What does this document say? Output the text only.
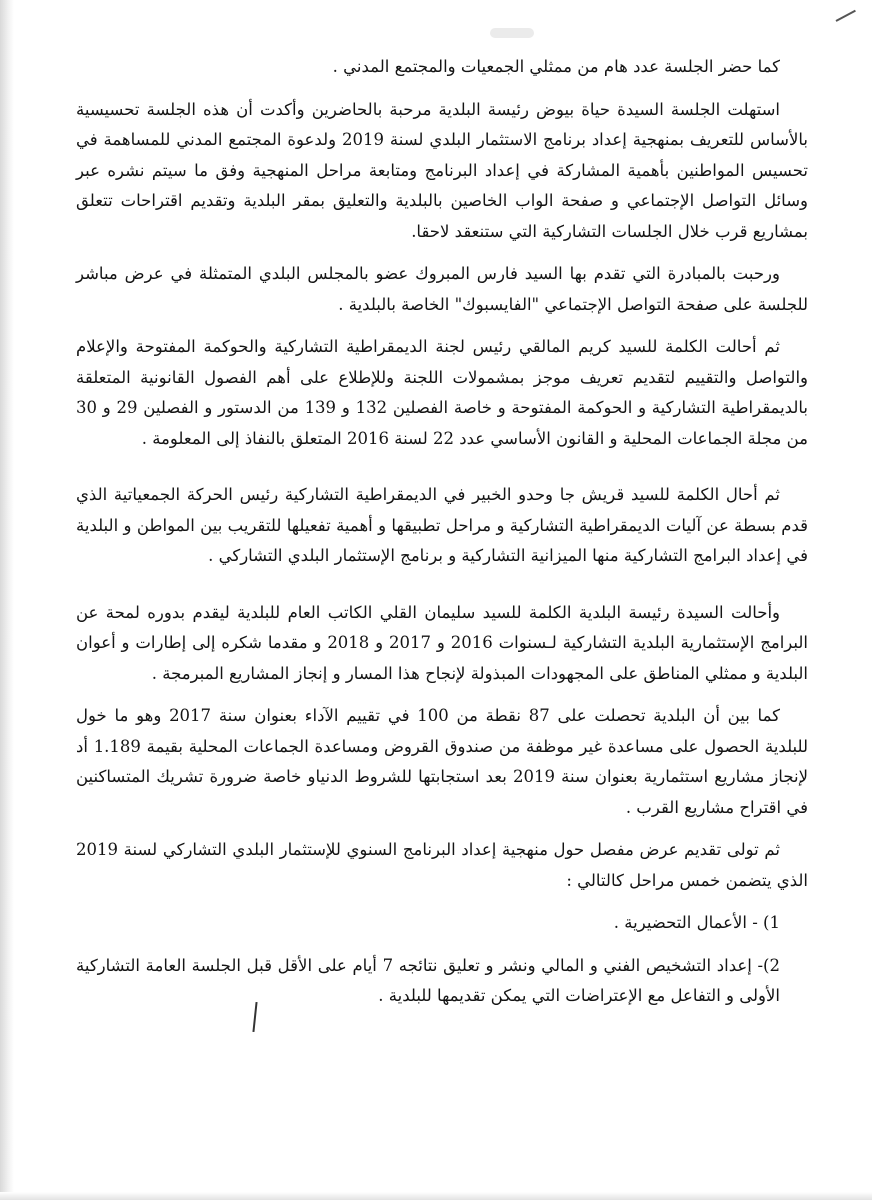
كما حضر الجلسة عدد هام من ممثلي الجمعيات والمجتمع المدني .

استهلت الجلسة السيدة حياة بيوض رئيسة البلدية مرحبة بالحاضرين وأكدت أن هذه الجلسة تحسيسية بالأساس للتعريف بمنهجية إعداد برنامج الاستثمار البلدي لسنة 2019 ولدعوة المجتمع المدني للمساهمة في تحسيس المواطنين بأهمية المشاركة في إعداد البرنامج ومتابعة مراحل المنهجية وفق ما سيتم نشره عبر وسائل التواصل الإجتماعي و صفحة الواب الخاصين بالبلدية والتعليق بمقر البلدية وتقديم اقتراحات تتعلق بمشاريع قرب خلال الجلسات التشاركية التي ستنعقد لاحقا.

ورحبت بالمبادرة التي تقدم بها السيد فارس المبروك عضو بالمجلس البلدي المتمثلة في عرض مباشر للجلسة على صفحة التواصل الإجتماعي "الفايسبوك" الخاصة بالبلدية .

ثم أحالت الكلمة للسيد كريم المالقي رئيس لجنة الديمقراطية التشاركية والحوكمة المفتوحة والإعلام والتواصل والتقييم لتقديم تعريف موجز بمشمولات اللجنة وللإطلاع على أهم الفصول القانونية المتعلقة بالديمقراطية التشاركية و الحوكمة المفتوحة و خاصة الفصلين 132 و 139 من الدستور و الفصلين 29 و 30 من مجلة الجماعات المحلية و القانون الأساسي عدد 22 لسنة 2016 المتعلق بالنفاذ إلى المعلومة .

ثم أحال الكلمة للسيد قريش جا وحدو الخبير في الديمقراطية التشاركية رئيس الحركة الجمعياتية الذي قدم بسطة عن آليات الديمقراطية التشاركية و مراحل تطبيقها و أهمية تفعيلها للتقريب بين المواطن و البلدية في إعداد البرامج التشاركية منها الميزانية التشاركية و برنامج الإستثمار البلدي التشاركي .

وأحالت السيدة رئيسة البلدية الكلمة للسيد سليمان القلي الكاتب العام للبلدية ليقدم بدوره لمحة عن البرامج الإستثمارية البلدية التشاركية لـسنوات 2016 و 2017 و 2018 و مقدما شكره إلى إطارات و أعوان البلدية و ممثلي المناطق على المجهودات المبذولة لإنجاح هذا المسار و إنجاز المشاريع المبرمجة .

كما بين أن البلدية تحصلت على 87 نقطة من 100 في تقييم الآداء بعنوان سنة 2017 وهو ما خول للبلدية الحصول على مساعدة غير موظفة من صندوق القروض ومساعدة الجماعات المحلية بقيمة 1.189 أد لإنجاز مشاريع استثمارية بعنوان سنة 2019 بعد استجابتها للشروط الدنياو خاصة ضرورة تشريك المتساكنين في اقتراح مشاريع القرب .

ثم تولى تقديم عرض مفصل حول منهجية إعداد البرنامج السنوي للإستثمار البلدي التشاركي لسنة 2019 الذي يتضمن خمس مراحل كالتالي :

1) - الأعمال التحضيرية .

2)- إعداد التشخيص الفني و المالي ونشر و تعليق نتائجه 7 أيام على الأقل قبل الجلسة العامة التشاركية الأولى و التفاعل مع الإعتراضات التي يمكن تقديمها للبلدية .
